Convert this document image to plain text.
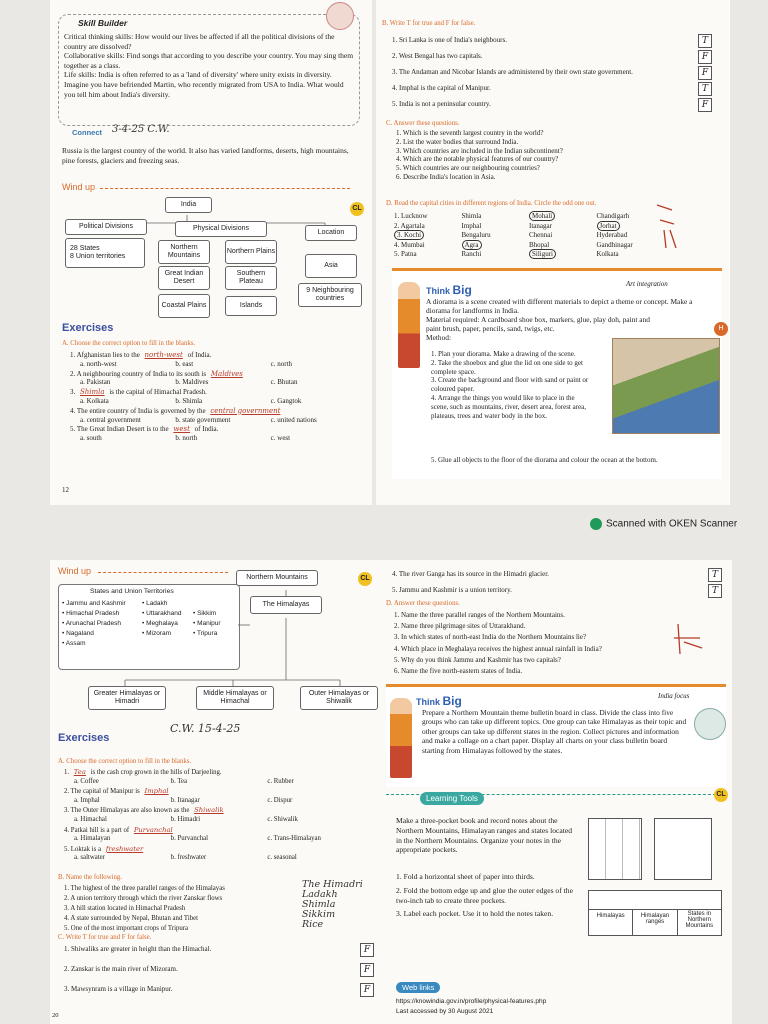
Skill Builder
Critical thinking skills: How would our lives be affected if all the political divisions of the country are dissolved?
Collaborative skills: Find songs that according to you describe your country. You may sing them together as a class.
Life skills: India is often referred to as a 'land of diversity' where unity exists in diversity. Imagine you have befriended Martin, who recently migrated from USA to India. What would you tell him about India's diversity.
Connect 3-4-25 C.W.
Russia is the largest country of the world. It also has varied landforms, deserts, high mountains, pine forests, glaciers and freezing seas.
Wind up
CL
India
Political Divisions
28 States
8 Union territories
Physical Divisions
Northern Mountains
Northern Plains
Great Indian Desert
Southern Plateau
Coastal Plains	Islands
Location
Asia
9 Neighbouring countries
Exercises
A. Choose the correct option to fill in the blanks.
1. Afghanistan lies to the north-west of India.
a. north-west	b. east	c. north
2. A neighbouring country of India to its south is Maldives
a. Pakistan	b. Maldives	c. Bhutan
3. Shimla is the capital of Himachal Pradesh.
a. Kolkata	b. Shimla	c. Gangtok
4. The entire country of India is governed by the central government
a. central government	b. state government	c. united nations
5. The Great Indian Desert is to the west of India.
a. south	b. north	c. west
12
B. Write T for true and F for false.
1. Sri Lanka is one of India's neighbours.	T
2. West Bengal has two capitals.	F
3. The Andaman and Nicobar Islands are administered by their own state government.	F
4. Imphal is the capital of Manipur.	T
5. India is not a peninsular country.	F
C. Answer these questions.
1. Which is the seventh largest country in the world?
2. List the water bodies that surround India.
3. Which countries are included in the Indian subcontinent?
4. Which are the notable physical features of our country?
5. Which countries are our neighbouring countries?
6. Describe India's location in Asia.
D. Read the capital cities in different regions of India. Circle the odd one out.
1. Lucknow	Shimla	Mohali	Chandigarh
2. Agartala	Imphal	Itanagar	Jorhat
3. Kochi	Bengaluru	Chennai	Hyderabad
4. Mumbai	Agra	Bhopal	Gandhinagar
5. Patna	Ranchi	Siliguri	Kolkata
Think Big	Art integration
A diorama is a scene created with different materials to depict a theme or concept. Make a diorama for landforms in India.
Material required: A cardboard shoe box, markers, glue, play doh, paint and paint brush, paper, pencils, sand, twigs, etc.
Method:
1. Plan your diorama. Make a drawing of the scene.
2. Take the shoebox and glue the lid on one side to get complete space.
3. Create the background and floor with sand or paint or coloured paper.
4. Arrange the things you would like to place in the scene, such as mountains, river, desert area, forest area, plateaus, trees and water body in the box.
5. Glue all objects to the floor of the diorama and colour the ocean at the bottom.
H
Scanned with OKEN Scanner
Wind up
CL
States and Union Territories
• Jammu and Kashmir
• Himachal Pradesh
• Arunachal Pradesh
• Nagaland
• Assam
• Ladakh
• Uttarakhand
• Meghalaya
• Mizoram
• Sikkim
• Manipur
• Tripura
Northern Mountains
The Himalayas
Greater Himalayas or Himadri
Middle Himalayas or Himachal
Outer Himalayas or Shiwalik
C.W. 15-4-25
Exercises
A. Choose the correct option to fill in the blanks.
1. Tea is the cash crop grown in the hills of Darjeeling.
a. Coffee	b. Tea	c. Rubber
2. The capital of Manipur is Imphal
a. Imphal	b. Itanagar	c. Dispur
3. The Outer Himalayas are also known as the Shiwalik
a. Himachal	b. Himadri	c. Shiwalik
4. Patkai hill is a part of Purvanchal
a. Himalayan	b. Purvanchal	c. Trans-Himalayan
5. Loktak is a freshwater
a. saltwater	b. freshwater	c. seasonal
B. Name the following.
1. The highest of the three parallel ranges of the Himalayas
2. A union territory through which the river Zanskar flows
3. A hill station located in Himachal Pradesh
4. A state surrounded by Nepal, Bhutan and Tibet
5. One of the most important crops of Tripura
The Himadri
Ladakh
Shimla
Sikkim
Rice
C. Write T for true and F for false.
1. Shiwaliks are greater in height than the Himachal.	F
2. Zanskar is the main river of Mizoram.	F
3. Mawsynram is a village in Manipur.	F
20
4. The river Ganga has its source in the Himadri glacier.	T
5. Jammu and Kashmir is a union territory.	T
D. Answer these questions.
1. Name the three parallel ranges of the Northern Mountains.
2. Name three pilgrimage sites of Uttarakhand.
3. In which states of north-east India do the Northern Mountains lie?
4. Which place in Meghalaya receives the highest annual rainfall in India?
5. Why do you think Jammu and Kashmir has two capitals?
6. Name the five north-eastern states of India.
Think Big	India focus
Prepare a Northern Mountain theme bulletin board in class. Divide the class into five groups who can take up different topics. One group can take Himalayas as their topic and other groups can take up different states in the region. Collect pictures and information and make a collage on a chart paper. Display all charts on your class bulletin board starting from Himalayas followed by the states.
Learning Tools	CL
Make a three-pocket book and record notes about the Northern Mountains, Himalayan ranges and states located in the Northern Mountains. Organize your notes in the appropriate pockets.
1. Fold a horizontal sheet of paper into thirds.
2. Fold the bottom edge up and glue the outer edges of the two-inch tab to create three pockets.
3. Label each pocket. Use it to hold the notes taken.	Himalayas	Himalayan ranges
States in Northern Mountains
Web links
https://knowindia.gov.in/profile/physical-features.php
Last accessed by 30 August 2021
